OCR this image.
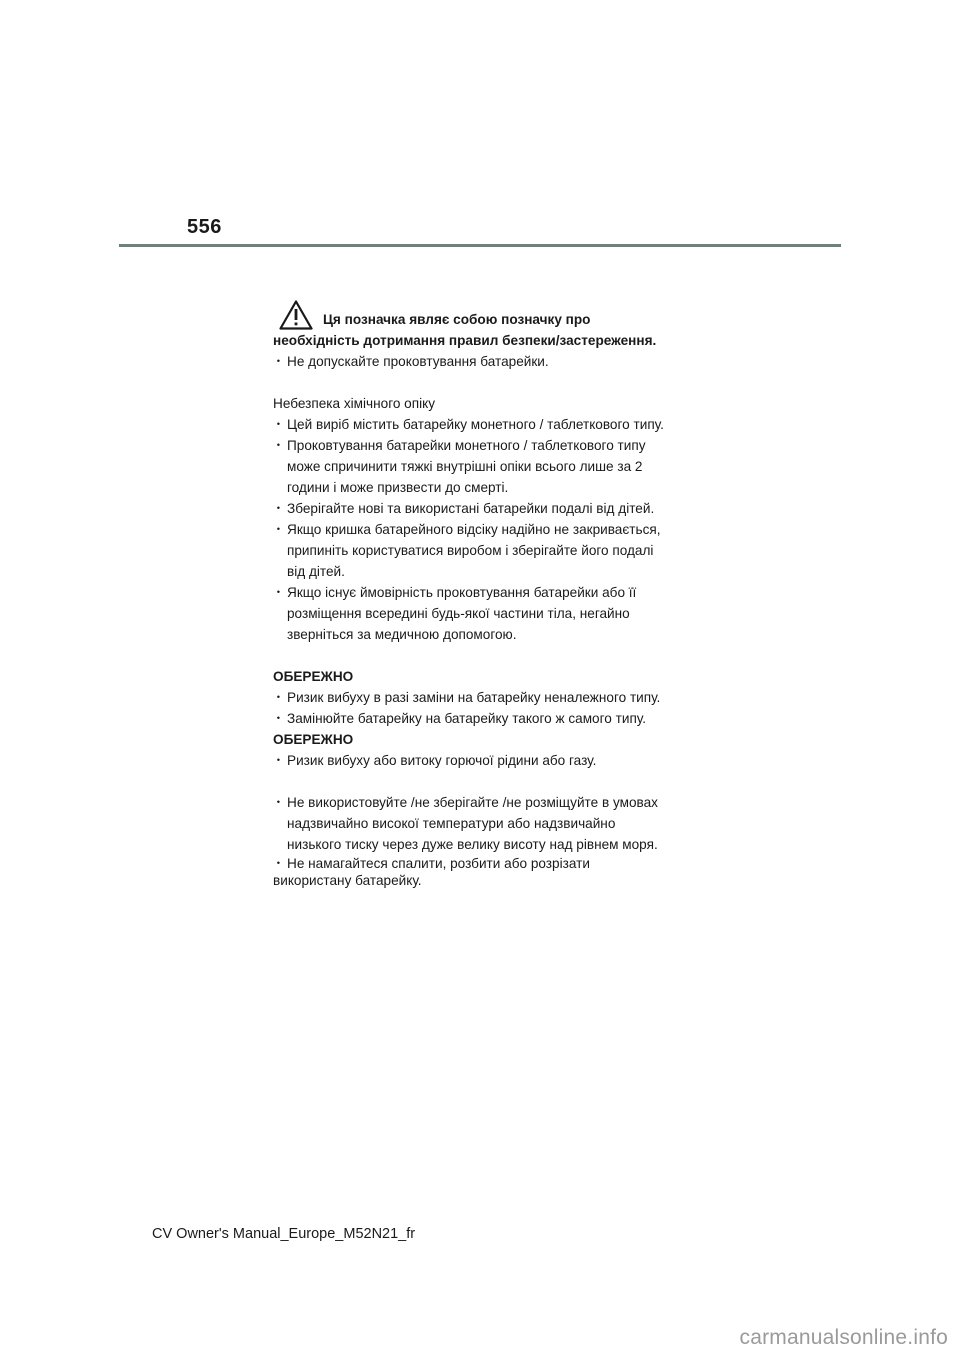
556
Ця позначка являє собою позначку про
необхідність дотримання правил безпеки/застереження.
･ Не допускайте проковтування батарейки.
Небезпека хімічного опіку
･ Цей виріб містить батарейку монетного / таблеткового типу.
･ Проковтування батарейки монетного / таблеткового типу
може спричинити тяжкі внутрішні опіки всього лише за 2
години і може призвести до смерті.
･ Зберігайте нові та використані батарейки подалі від дітей.
･ Якщо кришка батарейного відсіку надійно не закривається,
припиніть користуватися виробом і зберігайте його подалі
від дітей.
･ Якщо існує ймовірність проковтування батарейки або її
розміщення всередині будь-якої частини тіла, негайно
зверніться за медичною допомогою.
ОБЕРЕЖНО
･ Ризик вибуху в разі заміни на батарейку неналежного типу.
･ Замінюйте батарейку на батарейку такого ж самого типу.
ОБЕРЕЖНО
･ Ризик вибуху або витоку горючої рідини або газу.
･ Не використовуйте /не зберігайте /не розміщуйте в умовах
надзвичайно високої температури або надзвичайно
низького тиску через дуже велику висоту над рівнем моря.
･ Не намагайтеся спалити, розбити або розрізати
використану батарейку.
CV Owner's Manual_Europe_M52N21_fr
carmanualsonline.info
